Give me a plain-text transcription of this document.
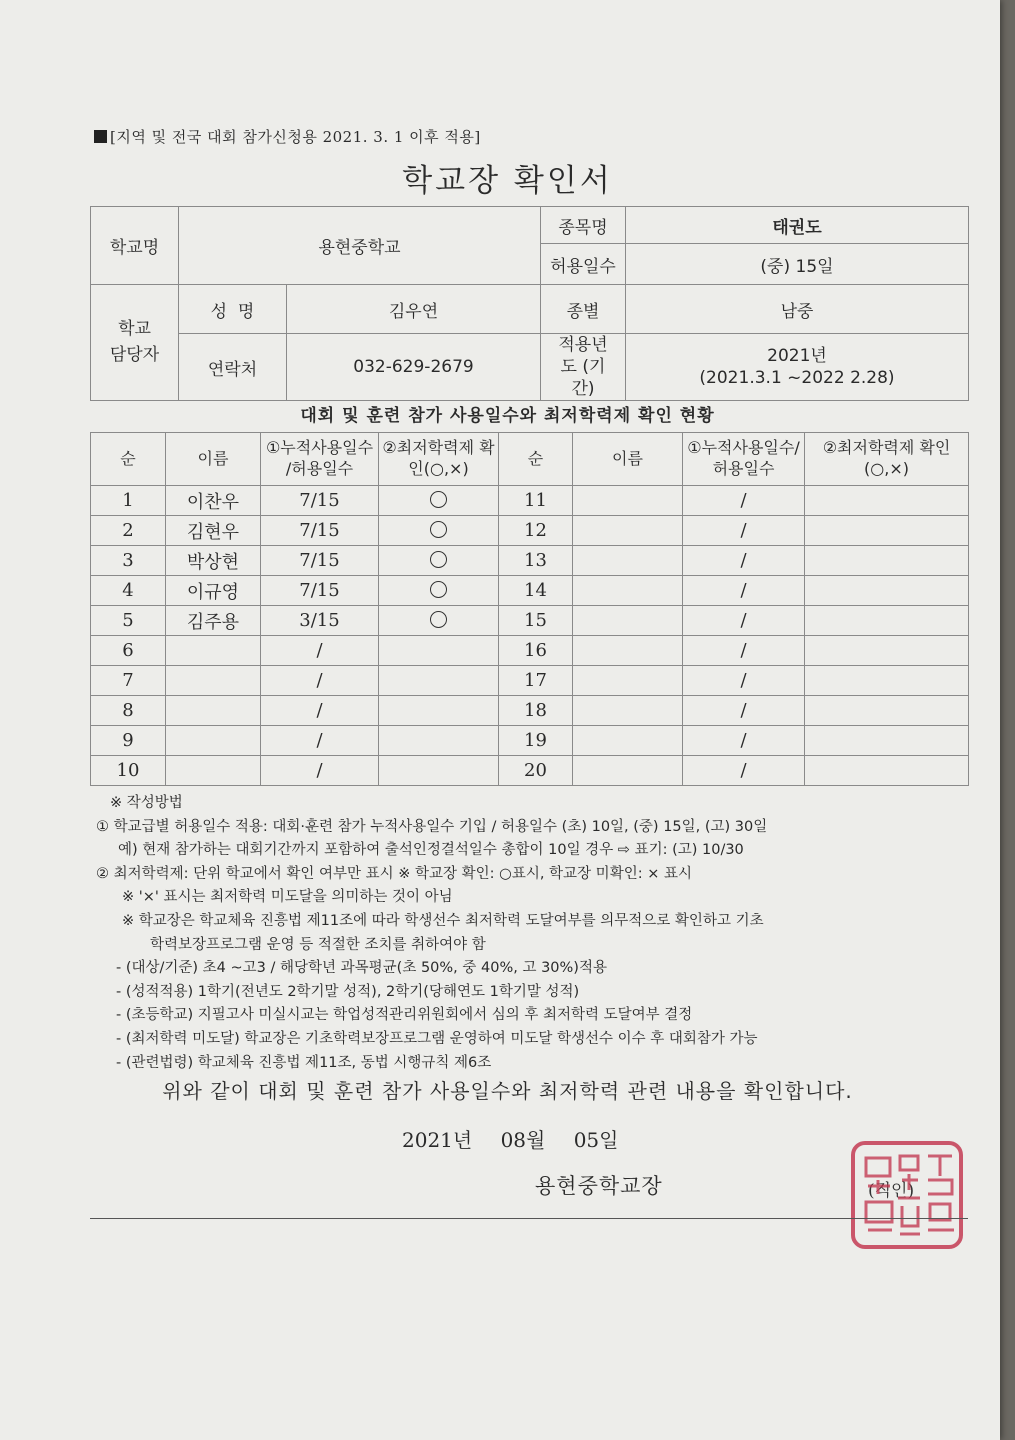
[지역 및 전국 대회 참가신청용 2021. 3. 1 이후 적용]
학교장 확인서
학교명	용현중학교		종목명	태권도
			허용일수	(중) 15일
학교 담당자	성  명	김우연	종별	남중
	연락처	032-629-2679	적용년도 (기간)	2021년
(2021.3.1 ~2022 2.28)
대회 및 훈련 참가 사용일수와 최저학력제 확인 현황
순	이름	①누적사용일수 /허용일수	②최저학력제 확인(○,×)	순	이름	①누적사용일수/ 허용일수	②최저학력제 확인(○,×)
1	이찬우	7/15		11		/	
2	김현우	7/15		12		/	
3	박상현	7/15		13		/	
4	이규영	7/15		14		/	
5	김주용	3/15		15		/	
6		/		16		/	
7		/		17		/	
8		/		18		/	
9		/		19		/	
10		/		20		/	
※ 작성방법
① 학교급별 허용일수 적용: 대회·훈련 참가 누적사용일수 기입 / 허용일수 (초) 10일, (중) 15일, (고) 30일
예) 현재 참가하는 대회기간까지 포함하여 출석인정결석일수 총합이 10일 경우 ⇨ 표기: (고) 10/30
② 최저학력제: 단위 학교에서 확인 여부만 표시 ※ 학교장 확인: ○표시, 학교장 미확인: × 표시
※ '×' 표시는 최저학력 미도달을 의미하는 것이 아님
※ 학교장은 학교체육 진흥법 제11조에 따라 학생선수 최저학력 도달여부를 의무적으로 확인하고 기초
학력보장프로그램 운영 등 적절한 조치를 취하여야 함
- (대상/기준) 초4 ~고3 / 해당학년 과목평균(초 50%, 중 40%, 고 30%)적용
- (성적적용) 1학기(전년도 2학기말 성적), 2학기(당해연도 1학기말 성적)
- (초등학교) 지필고사 미실시교는 학업성적관리위원회에서 심의 후 최저학력 도달여부 결정
- (최저학력 미도달) 학교장은 기초학력보장프로그램 운영하여 미도달 학생선수 이수 후 대회참가 가능
- (관련법령) 학교체육 진흥법 제11조, 동법 시행규칙 제6조
위와 같이 대회 및 훈련 참가 사용일수와 최저학력 관련 내용을 확인합니다.
2021년 08월 05일
용현중학교장	(직인)
